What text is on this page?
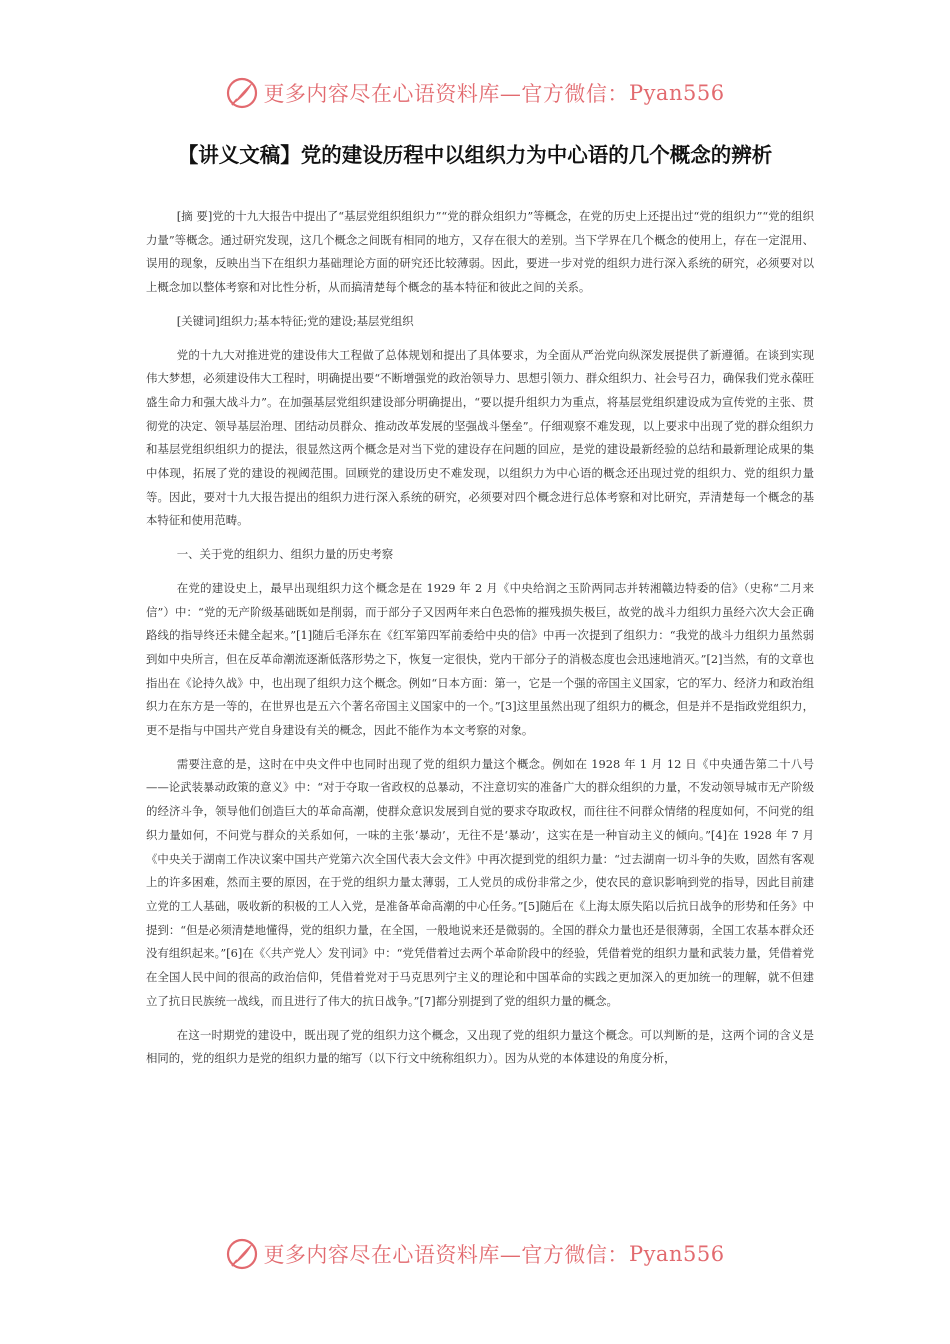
更多内容尽在心语资料库—官方微信： Pyan556
【讲义文稿】党的建设历程中以组织力为中心语的几个概念的辨析

[摘 要]党的十九大报告中提出了“基层党组织组织力”“党的群众组织力”等概念，在党的历史上还提出过“党的组织力”“党的组织力量”等概念。通过研究发现，这几个概念之间既有相同的地方，又存在很大的差别。当下学界在几个概念的使用上，存在一定混用、误用的现象，反映出当下在组织力基础理论方面的研究还比较薄弱。因此，要进一步对党的组织力进行深入系统的研究，必须要对以上概念加以整体考察和对比性分析，从而搞清楚每个概念的基本特征和彼此之间的关系。

[关键词]组织力;基本特征;党的建设;基层党组织

党的十九大对推进党的建设伟大工程做了总体规划和提出了具体要求，为全面从严治党向纵深发展提供了新遵循。在谈到实现伟大梦想，必须建设伟大工程时，明确提出要“不断增强党的政治领导力、思想引领力、群众组织力、社会号召力，确保我们党永葆旺盛生命力和强大战斗力”。在加强基层党组织建设部分明确提出，“要以提升组织力为重点，将基层党组织建设成为宣传党的主张、贯彻党的决定、领导基层治理、团结动员群众、推动改革发展的坚强战斗堡垒”。仔细观察不难发现，以上要求中出现了党的群众组织力和基层党组织组织力的提法，很显然这两个概念是对当下党的建设存在问题的回应，是党的建设最新经验的总结和最新理论成果的集中体现，拓展了党的建设的视阈范围。回顾党的建设历史不难发现，以组织力为中心语的概念还出现过党的组织力、党的组织力量等。因此，要对十九大报告提出的组织力进行深入系统的研究，必须要对四个概念进行总体考察和对比研究，弄清楚每一个概念的基本特征和使用范畴。

一、关于党的组织力、组织力量的历史考察

在党的建设史上，最早出现组织力这个概念是在 1929 年 2 月《中央给润之玉阶两同志并转湘赣边特委的信》（史称“二月来信”）中：“党的无产阶级基础既如是削弱，而于部分子又因两年来白色恐怖的摧残损失极巨，故党的战斗力组织力虽经六次大会正确路线的指导终还未健全起来。”[1]随后毛泽东在《红军第四军前委给中央的信》中再一次提到了组织力：“我党的战斗力组织力虽然弱到如中央所言，但在反革命潮流逐渐低落形势之下，恢复一定很快，党内干部分子的消极态度也会迅速地消灭。”[2]当然，有的文章也指出在《论持久战》中，也出现了组织力这个概念。例如“日本方面：第一，它是一个强的帝国主义国家，它的军力、经济力和政治组织力在东方是一等的，在世界也是五六个著名帝国主义国家中的一个。”[3]这里虽然出现了组织力的概念，但是并不是指政党组织力，更不是指与中国共产党自身建设有关的概念，因此不能作为本文考察的对象。

需要注意的是，这时在中央文件中也同时出现了党的组织力量这个概念。例如在 1928 年 1 月 12 日《中央通告第二十八号——论武装暴动政策的意义》中：“对于夺取一省政权的总暴动，不注意切实的准备广大的群众组织的力量，不发动领导城市无产阶级的经济斗争，领导他们创造巨大的革命高潮，使群众意识发展到自觉的要求夺取政权，而往往不问群众情绪的程度如何，不问党的组织力量如何，不问党与群众的关系如何，一味的主张‘暴动’，无往不是‘暴动’，这实在是一种盲动主义的倾向。”[4]在 1928 年 7 月《中央关于湖南工作决议案中国共产党第六次全国代表大会文件》中再次提到党的组织力量：“过去湖南一切斗争的失败，固然有客观上的许多困难，然而主要的原因，在于党的组织力量太薄弱，工人党员的成份非常之少，使农民的意识影响到党的指导，因此目前建立党的工人基础，吸收新的积极的工人入党，是准备革命高潮的中心任务。”[5]随后在《上海太原失陷以后抗日战争的形势和任务》中提到：“但是必须清楚地懂得，党的组织力量，在全国，一般地说来还是微弱的。全国的群众力量也还是很薄弱，全国工农基本群众还没有组织起来。”[6]在《〈共产党人〉发刊词》中：“党凭借着过去两个革命阶段中的经验，凭借着党的组织力量和武装力量，凭借着党在全国人民中间的很高的政治信仰，凭借着党对于马克思列宁主义的理论和中国革命的实践之更加深入的更加统一的理解，就不但建立了抗日民族统一战线，而且进行了伟大的抗日战争。”[7]都分别提到了党的组织力量的概念。

在这一时期党的建设中，既出现了党的组织力这个概念，又出现了党的组织力量这个概念。可以判断的是，这两个词的含义是相同的，党的组织力是党的组织力量的缩写（以下行文中统称组织力）。因为从党的本体建设的角度分析，

更多内容尽在心语资料库—官方微信： Pyan556
